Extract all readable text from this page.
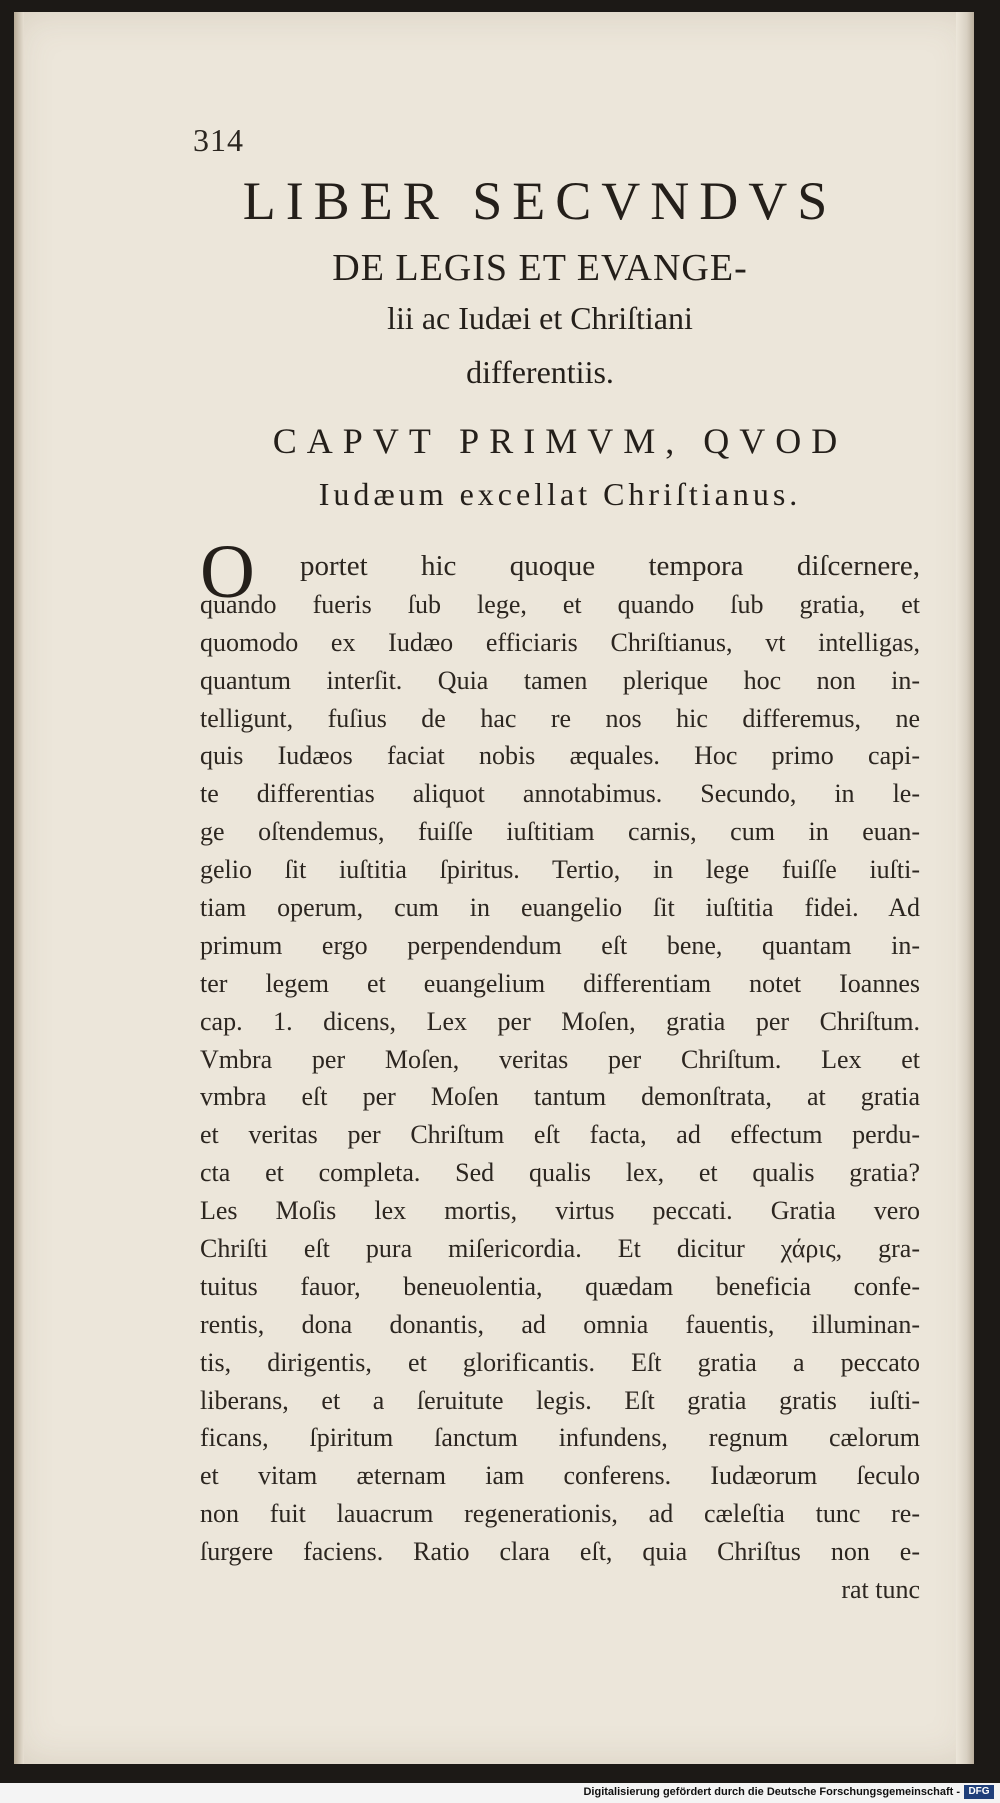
314
LIBER SECVNDVS
DE LEGIS ET EVANGE-
lii ac Iudæi et Chriſtiani
differentiis.
CAPVT PRIMVM, QVOD
Iudæum excellat Chriſtianus.
O	portet hic quoque tempora diſcernere,
quando fueris ſub lege, et quando ſub gratia, et
quomodo ex Iudæo efficiaris Chriſtianus, vt intelligas,
quantum interſit. Quia tamen plerique hoc non in-
telligunt, fuſius de hac re nos hic differemus, ne
quis Iudæos faciat nobis æquales. Hoc primo capi-
te differentias aliquot annotabimus. Secundo, in le-
ge oſtendemus, fuiſſe iuſtitiam carnis, cum in euan-
gelio ſit iuſtitia ſpiritus. Tertio, in lege fuiſſe iuſti-
tiam operum, cum in euangelio ſit iuſtitia fidei. Ad
primum ergo perpendendum eſt bene, quantam in-
ter legem et euangelium differentiam notet Ioannes
cap. 1. dicens, Lex per Moſen, gratia per Chriſtum.
Vmbra per Moſen, veritas per Chriſtum. Lex et
vmbra eſt per Moſen tantum demonſtrata, at gratia
et veritas per Chriſtum eſt facta, ad effectum perdu-
cta et completa. Sed qualis lex, et qualis gratia?
Les Moſis lex mortis, virtus peccati. Gratia vero
Chriſti eſt pura miſericordia. Et dicitur χάρις, gra-
tuitus fauor, beneuolentia, quædam beneficia confe-
rentis, dona donantis, ad omnia fauentis, illuminan-
tis, dirigentis, et glorificantis. Eſt gratia a peccato
liberans, et a ſeruitute legis. Eſt gratia gratis iuſti-
ficans, ſpiritum ſanctum infundens, regnum cælorum
et vitam æternam iam conferens. Iudæorum ſeculo
non fuit lauacrum regenerationis, ad cæleſtia tunc re-
ſurgere faciens. Ratio clara eſt, quia Chriſtus non e-
rat tunc
Digitalisierung gefördert durch die Deutsche Forschungsgemeinschaft - DFG
